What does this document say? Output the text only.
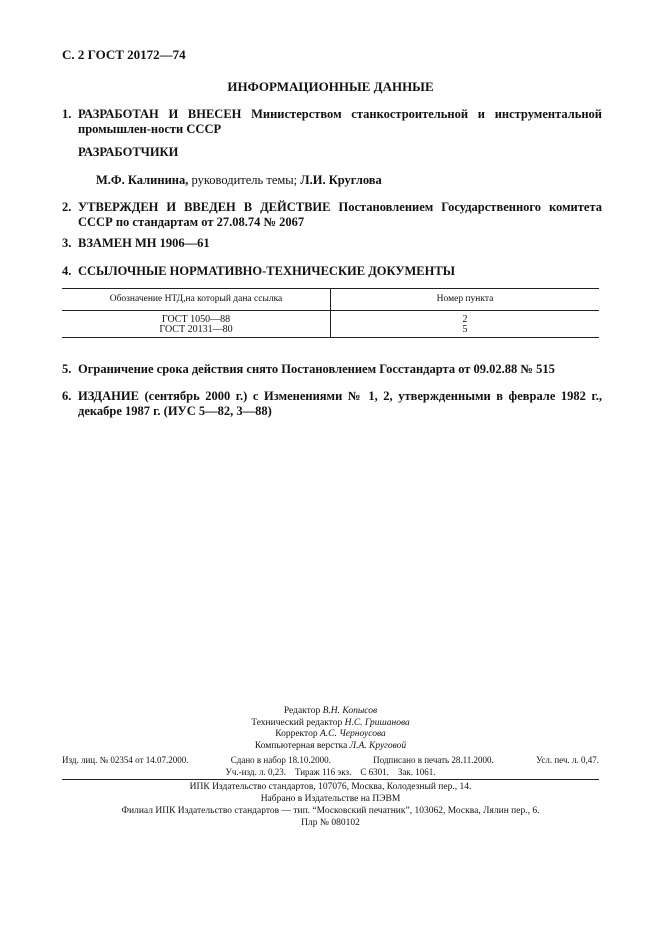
С. 2 ГОСТ 20172—74
ИНФОРМАЦИОННЫЕ ДАННЫЕ
1. РАЗРАБОТАН И ВНЕСЕН Министерством станкостроительной и инструментальной промышлен-ности СССР
РАЗРАБОТЧИКИ
М.Ф. Калинина, руководитель темы; Л.И. Круглова
2. УТВЕРЖДЕН И ВВЕДЕН В ДЕЙСТВИЕ Постановлением Государственного комитета СССР по стандартам от 27.08.74 № 2067
3. ВЗАМЕН МН 1906—61
4. ССЫЛОЧНЫЕ НОРМАТИВНО-ТЕХНИЧЕСКИЕ ДОКУМЕНТЫ
Обозначение НТД,на который дана ссылка	Номер пункта
ГОСТ 1050—88	2
ГОСТ 20131—80	5
5. Ограничение срока действия снято Постановлением Госстандарта от 09.02.88 № 515
6. ИЗДАНИЕ (сентябрь 2000 г.) с Изменениями № 1, 2, утвержденными в феврале 1982 г., декабре 1987 г. (ИУС 5—82, 3—88)
Редактор В.Н. Копысов
Технический редактор Н.С. Гришанова
Корректор А.С. Черноусова
Компьютерная верстка Л.А. Круговой
Изд. лиц. № 02354 от 14.07.2000.	Сдано в набор 18.10.2000.	Подписано в печать 28.11.2000.	Усл. печ. л. 0,47.
Уч.-изд. л. 0,23.    Тираж 116 экз.    С 6301.    Зак. 1061.
ИПК Издательство стандартов, 107076, Москва, Колодезный пер., 14.
Набрано в Издательстве на ПЭВМ
Филиал ИПК Издательство стандартов — тип. “Московский печатник”, 103062, Москва, Лялин пер., 6.
Плр № 080102
